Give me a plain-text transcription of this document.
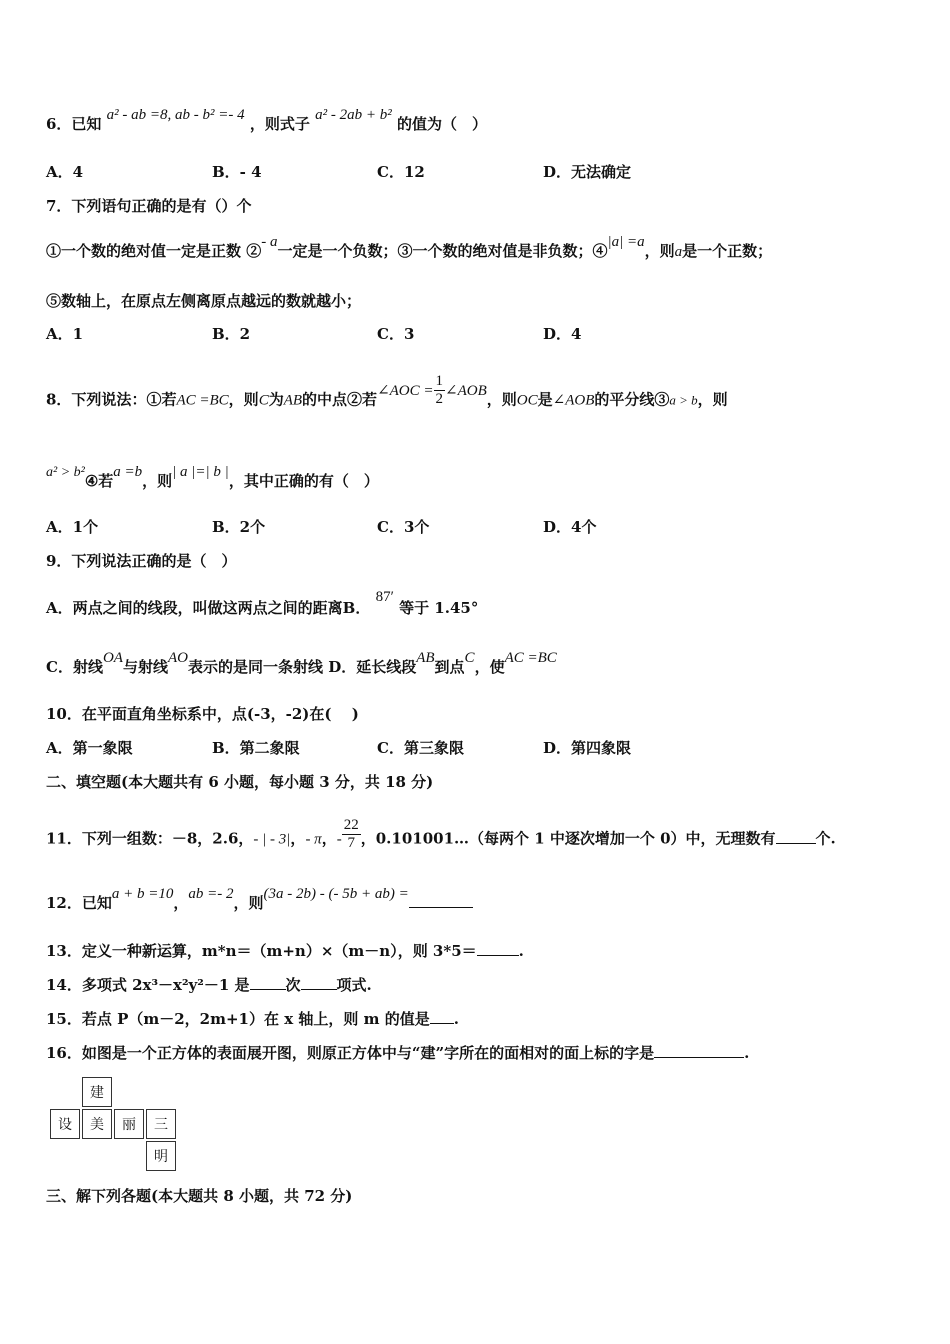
6．已知 a² - ab =8, ab - b² =- 4 ，则式子 a² - 2ab + b² 的值为（　）
A．4	B．- 4	C．12	D．无法确定
7．下列语句正确的是有（）个
①一个数的绝对值一定是正数 ②- a一定是一个负数；③一个数的绝对值是非负数；④|a| =a，则a是一个正数；
⑤数轴上，在原点左侧离原点越远的数就越小；
A．1	B．2	C．3	D．4
8．下列说法：①若AC =BC，则C为AB的中点②若∠AOC = $\frac{1}{2}$ ∠AOB，则OC是∠AOB的平分线③a > b，则
a² > b²④若a =b，则| a |=| b |，其中正确的有（　）
A．1个	B．2个	C．3个	D．4个
9．下列说法正确的是（　）
A．两点之间的线段，叫做这两点之间的距离B． 87′ 等于 1.45°
C．射线OA与射线AO表示的是同一条射线 D．延长线段AB到点C，使AC =BC
10．在平面直角坐标系中，点(-3，-2)在(　 )
A．第一象限	B．第二象限	C．第三象限	D．第四象限
二、填空题(本大题共有 6 小题，每小题 3 分，共 18 分)
11．下列一组数：－8，2.6，- | - 3|，- π，- $\frac{22}{7}$ ，0.101001…（每两个 1 中逐次增加一个 0）中，无理数有	个.
12．已知a + b =10，ab =- 2，则(3a - 2b) - (- 5b + ab) =
13．定义一种新运算，m*n＝（m+n）×（m－n），则 3*5＝	.
14．多项式 2x³－x²y²－1 是 次 项式.
15．若点 P（m－2，2m+1）在 x 轴上，则 m 的值是 .
16．如图是一个正方体的表面展开图，则原正方体中与“建”字所在的面相对的面上标的字是	.
建
设	美	丽	三
明
三、解下列各题(本大题共 8 小题，共 72 分)
